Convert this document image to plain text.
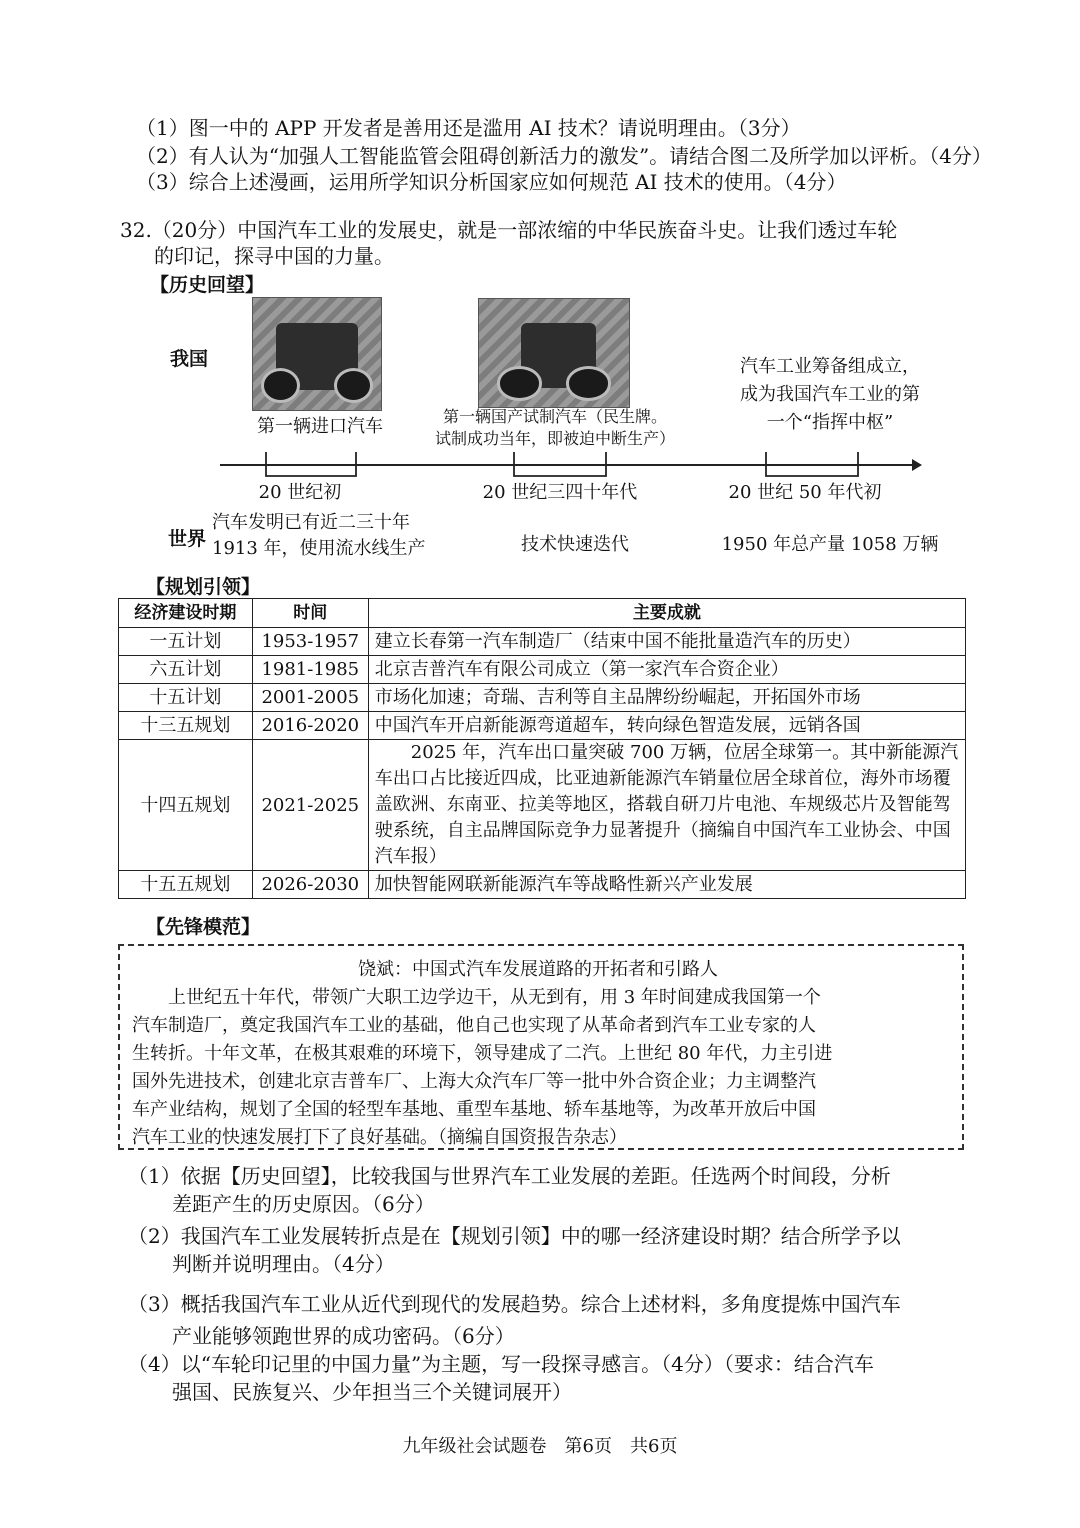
（1）图一中的 APP 开发者是善用还是滥用 AI 技术？请说明理由。（3分）
（2）有人认为“加强人工智能监管会阻碍创新活力的激发”。请结合图二及所学加以评析。（4分）
（3）综合上述漫画，运用所学知识分析国家应如何规范 AI 技术的使用。（4分）
32.（20分）中国汽车工业的发展史，就是一部浓缩的中华民族奋斗史。让我们透过车轮
的印记，探寻中国的力量。
【历史回望】
我国
第一辆进口汽车	第一辆国产试制汽车（民生牌。
试制成功当年，即被迫中断生产）
汽车工业筹备组成立，
成为我国汽车工业的第
一个“指挥中枢”
20 世纪初	20 世纪三四十年代	20 世纪 50 年代初
世界
汽车发明已有近二三十年
1913 年，使用流水线生产	技术快速迭代	1950 年总产量 1058 万辆
【规划引领】
经济建设时期	时间	主要成就
一五计划	1953-1957	建立长春第一汽车制造厂（结束中国不能批量造汽车的历史）
六五计划	1981-1985	北京吉普汽车有限公司成立（第一家汽车合资企业）
十五计划	2001-2005	市场化加速；奇瑞、吉利等自主品牌纷纷崛起，开拓国外市场
十三五规划	2016-2020	中国汽车开启新能源弯道超车，转向绿色智造发展，远销各国
十四五规划	2021-2025	2025 年，汽车出口量突破 700 万辆，位居全球第一。其中新能源汽车出口占比接近四成，比亚迪新能源汽车销量位居全球首位，海外市场覆盖欧洲、东南亚、拉美等地区，搭载自研刀片电池、车规级芯片及智能驾驶系统，自主品牌国际竞争力显著提升（摘编自中国汽车工业协会、中国汽车报）
十五五规划	2026-2030	加快智能网联新能源汽车等战略性新兴产业发展
【先锋模范】
饶斌：中国式汽车发展道路的开拓者和引路人
上世纪五十年代，带领广大职工边学边干，从无到有，用 3 年时间建成我国第一个
汽车制造厂，奠定我国汽车工业的基础，他自己也实现了从革命者到汽车工业专家的人
生转折。十年文革，在极其艰难的环境下，领导建成了二汽。上世纪 80 年代，力主引进
国外先进技术，创建北京吉普车厂、上海大众汽车厂等一批中外合资企业；力主调整汽
车产业结构，规划了全国的轻型车基地、重型车基地、轿车基地等，为改革开放后中国
汽车工业的快速发展打下了良好基础。（摘编自国资报告杂志）
（1）依据【历史回望】，比较我国与世界汽车工业发展的差距。任选两个时间段，分析
差距产生的历史原因。（6分）
（2）我国汽车工业发展转折点是在【规划引领】中的哪一经济建设时期？结合所学予以
判断并说明理由。（4分）
（3）概括我国汽车工业从近代到现代的发展趋势。综合上述材料，多角度提炼中国汽车
产业能够领跑世界的成功密码。（6分）
（4）以“车轮印记里的中国力量”为主题，写一段探寻感言。（4分）（要求：结合汽车
强国、民族复兴、少年担当三个关键词展开）
九年级社会试题卷　第6页　共6页
